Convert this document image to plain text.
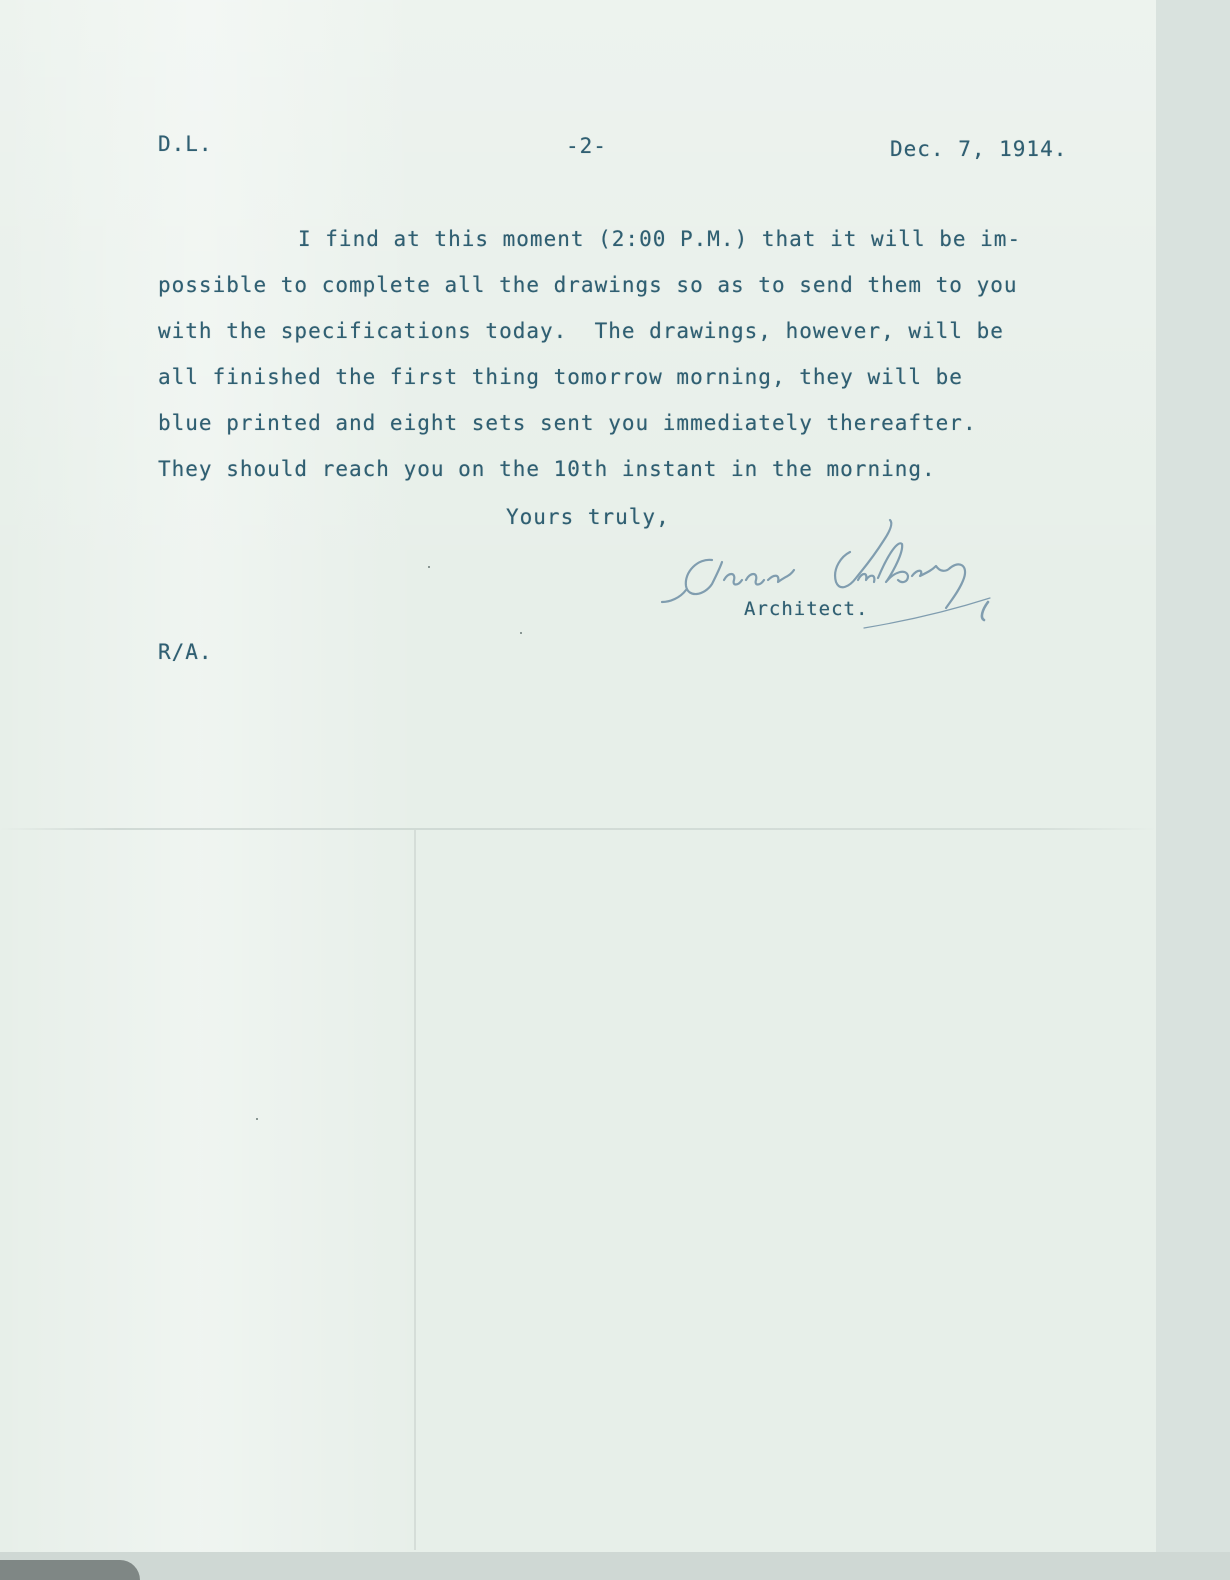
D.L.	-2-	Dec. 7, 1914.
I find at this moment (2:00 P.M.) that it will be im-
possible to complete all the drawings so as to send them to you
with the specifications today.  The drawings, however, will be
all finished the first thing tomorrow morning, they will be
blue printed and eight sets sent you immediately thereafter.
They should reach you on the 10th instant in the morning.
Yours truly,
Architect.
R/A.
